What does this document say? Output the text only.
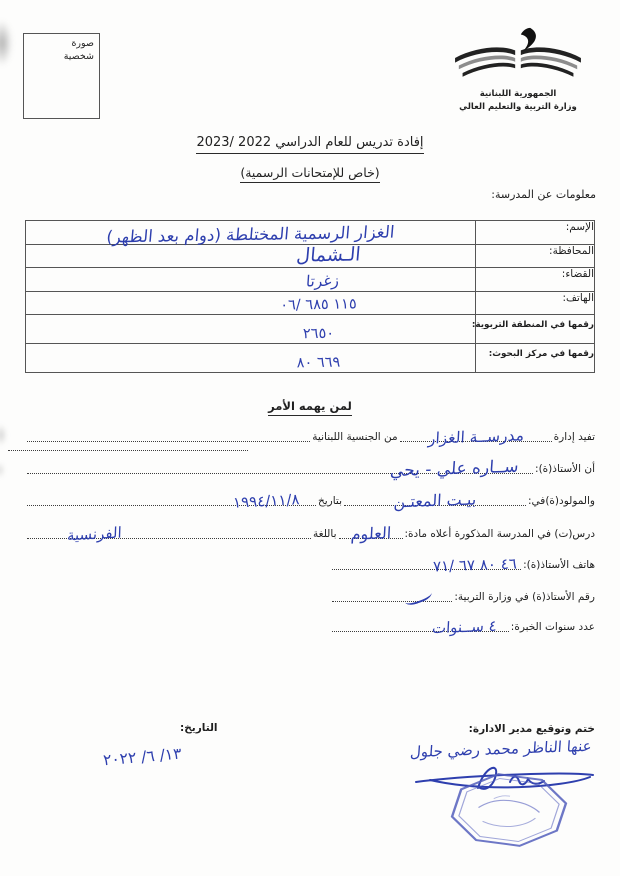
صورة
شخصية
الجمهورية اللبنانية
وزارة التربية والتعليم العالي
إفادة تدريس للعام الدراسي 2023/ 2022
(خاص للإمتحانات الرسمية)
معلومات عن المدرسة:
الإسم:	الغزار الرسمية المختلطة (دوام بعد الظهر)

المحافظة:	الـشمال

القضاء:	زغرتا

الهاتف:	٠٦/ ٦٨٥ ١١٥

رقمها في المنطقة التربوية:	٢٦٥٠

رقمها في مركز البحوث:	٨٠ ٦٦٩
لمن يهمه الأمر
تفيد إدارة
مدرســة الغزار
من الجنسية اللبنانية
أن الأستاذ(ة):
ســاره علي - يحي
والمولود(ة)في:
بيـت المعتـن
بتاريخ
١٩٩٤/١١/٨
درس(ت) في المدرسة المذكورة أعلاه مادة:
العلوم
باللغة
الفرنسية
هاتف الأستاذ(ة):
٧١/ ٦٧ ٨٠ ٤٦
رقم الأستاذ(ة) في وزارة التربية:
عدد سنوات الخبرة:
٤ ســنوات
ختم وتوقيع مدير الادارة:
عنها الناظر محمد رضي جلول
التاريخ:
٢٠٢٢ /٦ /١٣
